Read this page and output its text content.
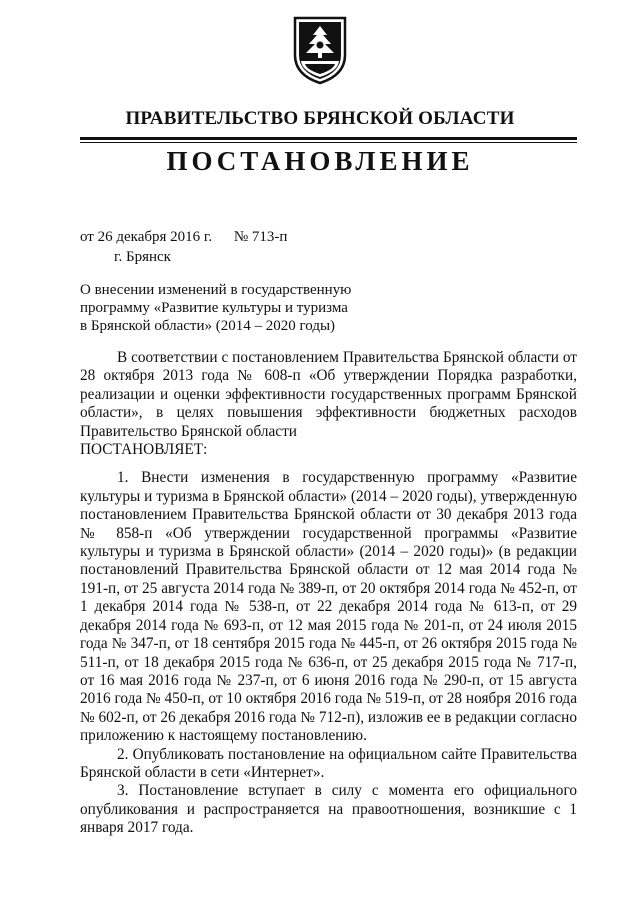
ПРАВИТЕЛЬСТВО БРЯНСКОЙ ОБЛАСТИ
ПОСТАНОВЛЕНИЕ
от 26 декабря 2016 г. № 713-п
г. Брянск
О внесении изменений в государственную
программу «Развитие культуры и туризма
в Брянской области» (2014 – 2020 годы)

В соответствии с постановлением Правительства Брянской области от 28 октября 2013 года № 608-п «Об утверждении Порядка разработки, реализации и оценки эффективности государственных программ Брянской области», в целях повышения эффективности бюджетных расходов Правительство Брянской области

ПОСТАНОВЛЯЕТ:

1. Внести изменения в государственную программу «Развитие культуры и туризма в Брянской области» (2014 – 2020 годы), утвержденную постановлением Правительства Брянской области от 30 декабря 2013 года № 858-п «Об утверждении государственной программы «Развитие культуры и туризма в Брянской области» (2014 – 2020 годы)» (в редакции постановлений Правительства Брянской области от 12 мая 2014 года № 191-п, от 25 августа 2014 года № 389-п, от 20 октября 2014 года № 452-п, от 1 декабря 2014 года № 538-п, от 22 декабря 2014 года № 613-п, от 29 декабря 2014 года № 693-п, от 12 мая 2015 года № 201-п, от 24 июля 2015 года № 347-п, от 18 сентября 2015 года № 445-п, от 26 октября 2015 года № 511-п, от 18 декабря 2015 года № 636-п, от 25 декабря 2015 года № 717-п, от 16 мая 2016 года № 237-п, от 6 июня 2016 года № 290-п, от 15 августа 2016 года № 450-п, от 10 октября 2016 года № 519-п, от 28 ноября 2016 года № 602-п, от 26 декабря 2016 года № 712-п), изложив ее в редакции согласно приложению к настоящему постановлению.

2. Опубликовать постановление на официальном сайте Правительства Брянской области в сети «Интернет».

3. Постановление вступает в силу с момента его официального опубликования и распространяется на правоотношения, возникшие с 1 января 2017 года.
